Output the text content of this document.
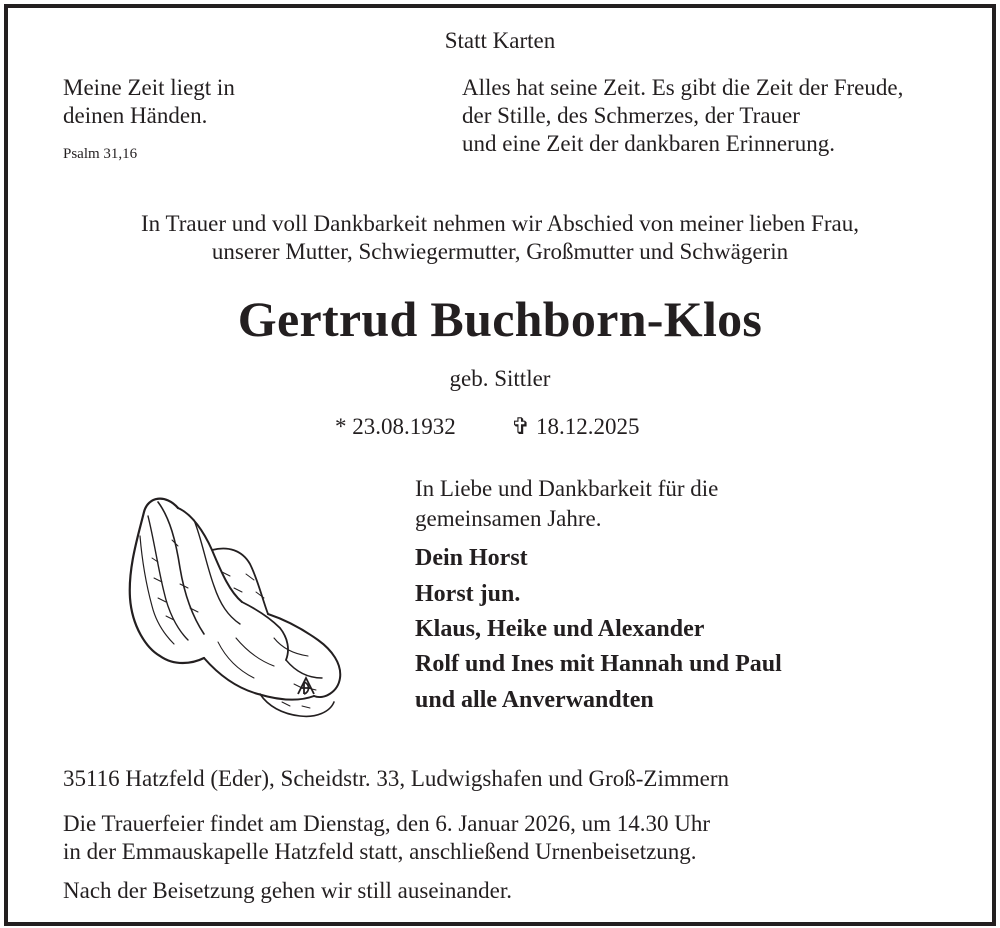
Statt Karten

Meine Zeit liegt in

deinen Händen.

Psalm 31,16

Alles hat seine Zeit. Es gibt die Zeit der Freude,

der Stille, des Schmerzes, der Trauer

und eine Zeit der dankbaren Erinnerung.

In Trauer und voll Dankbarkeit nehmen wir Abschied von meiner lieben Frau,

unserer Mutter, Schwiegermutter, Großmutter und Schwägerin

Gertrud Buchborn-Klos

geb. Sittler

* 23.08.1932 ✞ 18.12.2025

In Liebe und Dankbarkeit für die

gemeinsamen Jahre.

Dein Horst

Horst jun.

Klaus, Heike und Alexander

Rolf und Ines mit Hannah und Paul

und alle Anverwandten

35116 Hatzfeld (Eder), Scheidstr. 33, Ludwigshafen und Groß-Zimmern

Die Trauerfeier findet am Dienstag, den 6. Januar 2026, um 14.30 Uhr

in der Emmauskapelle Hatzfeld statt, anschließend Urnenbeisetzung.

Nach der Beisetzung gehen wir still auseinander.
